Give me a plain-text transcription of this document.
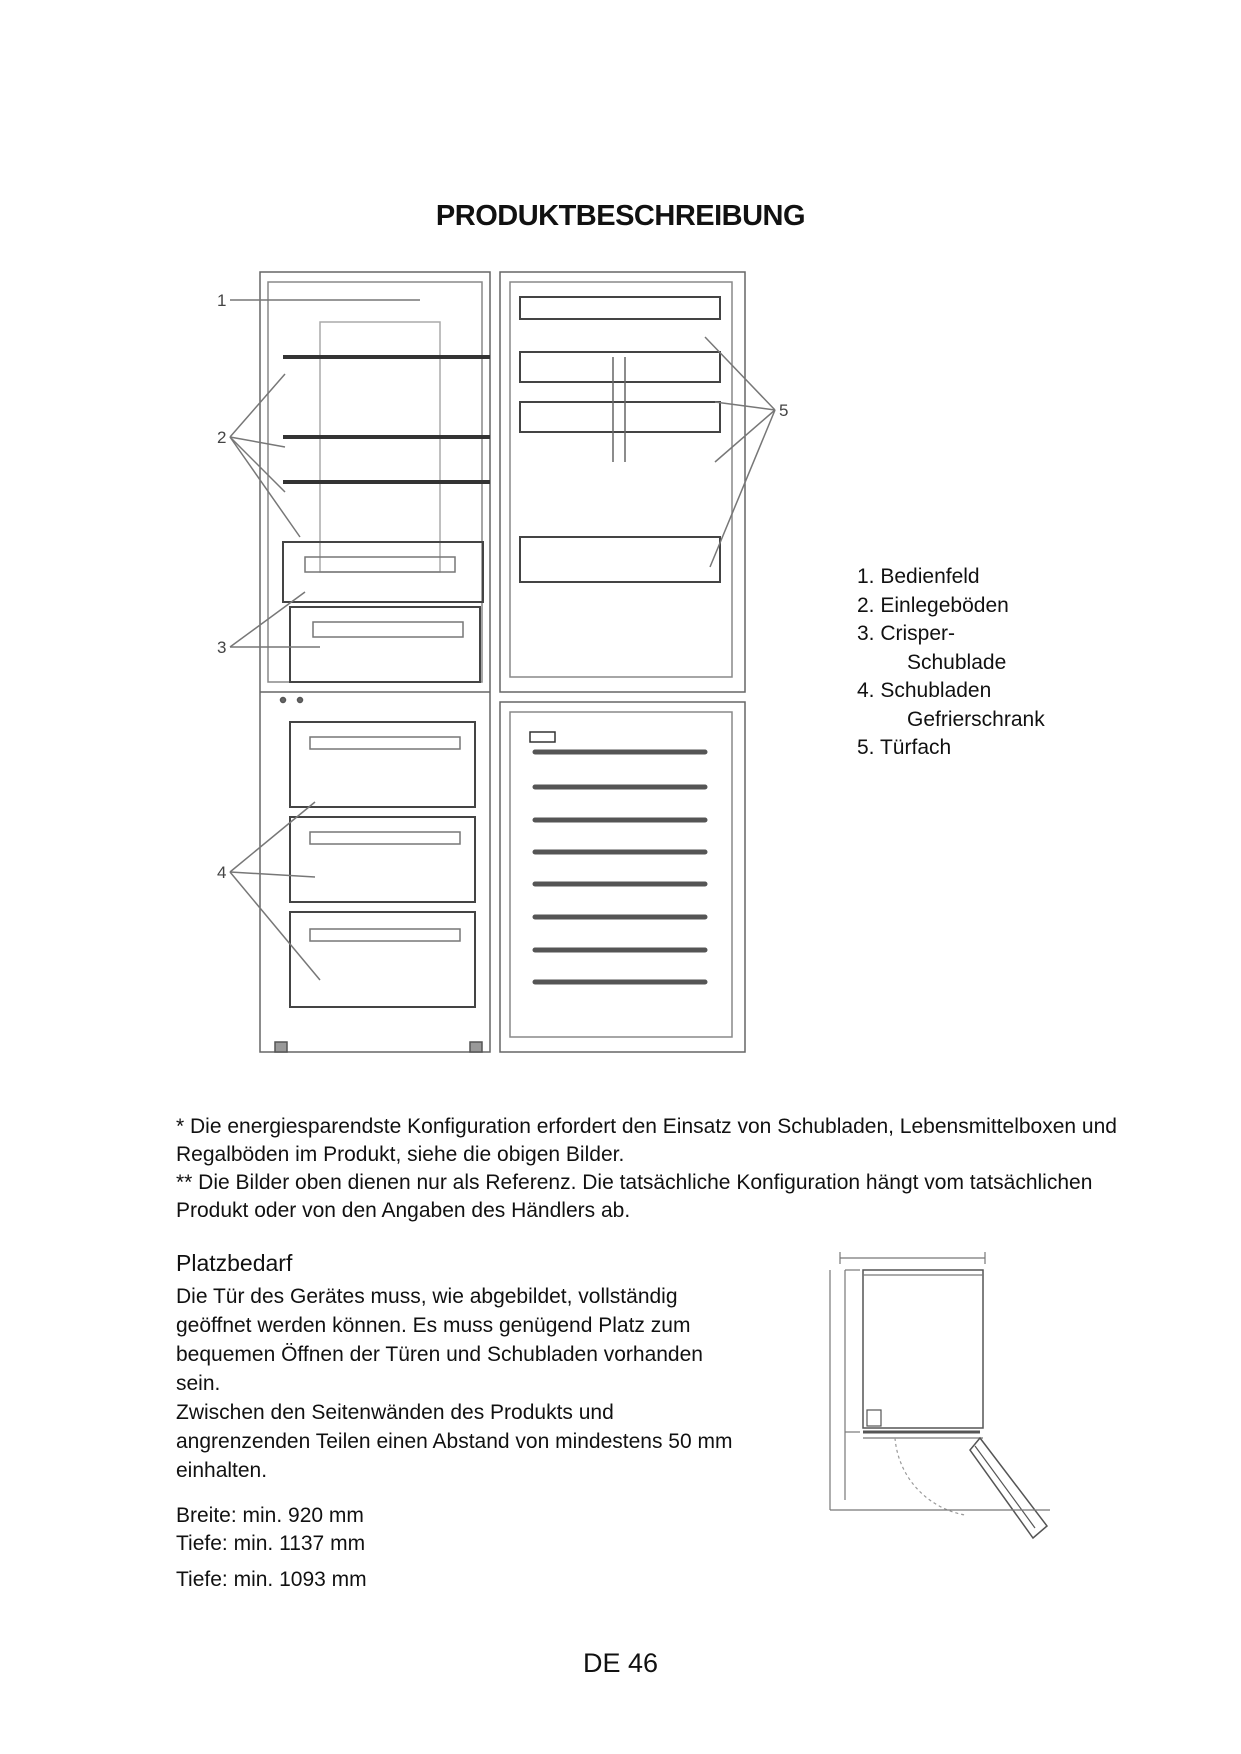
PRODUKTBESCHREIBUNG
1
2
3
4
5
1. Bedienfeld
2. Einlegeböden
3. Crisper-
Schublade
4. Schubladen
Gefrierschrank
5. Türfach

* Die energiesparendste Konfiguration erfordert den Einsatz von Schubladen, Lebensmittelboxen und Regalböden im Produkt, siehe die obigen Bilder.

** Die Bilder oben dienen nur als Referenz. Die tatsächliche Konfiguration hängt vom tatsächlichen Produkt oder von den Angaben des Händlers ab.

Platzbedarf

Die Tür des Gerätes muss, wie abgebildet, vollständig geöffnet werden können. Es muss genügend Platz zum bequemen Öffnen der Türen und Schubladen vorhanden sein.

Zwischen den Seitenwänden des Produkts und angrenzenden Teilen einen Abstand von mindestens 50 mm einhalten.

Breite: min. 920 mm
Tiefe: min. 1137 mm
Tiefe: min. 1093 mm
DE 46
